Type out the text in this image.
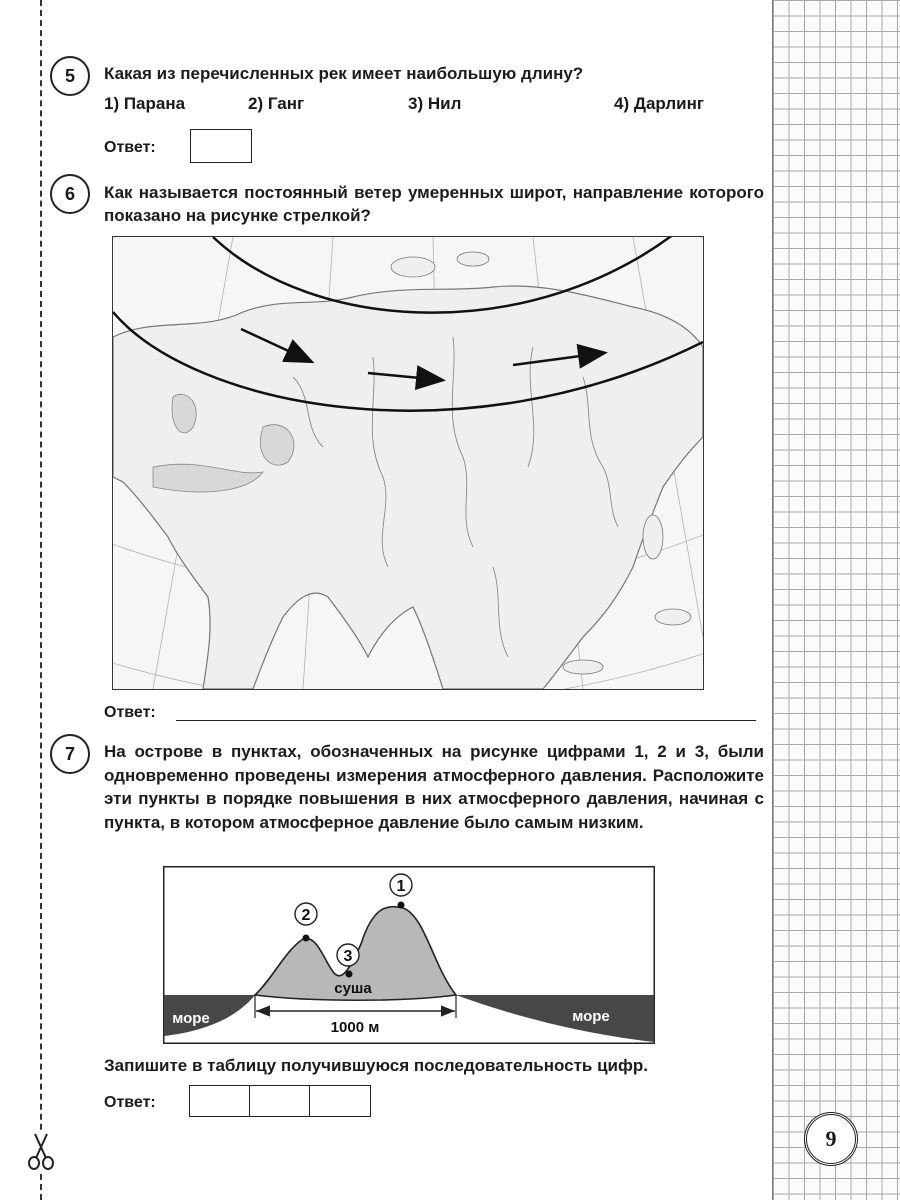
9
5	Какая из перечисленных рек имеет наибольшую длину?
1) Парана	2) Ганг	3) Нил	4) Дарлинг
Ответ:
6	Как называется постоянный ветер умеренных широт, направление которого показано на рисунке стрелкой?
Ответ:
7	На острове в пунктах, обозначенных на рисунке цифрами 1, 2 и 3, были одновременно проведены измерения атмосферного давления. Расположите эти пункты в порядке повышения в них атмосферного давления, начиная с пункта, в котором атмосферное давление было самым низким.
1
2
3
суша
море	море
1000 м
Запишите в таблицу получившуюся последовательность цифр.
Ответ:
